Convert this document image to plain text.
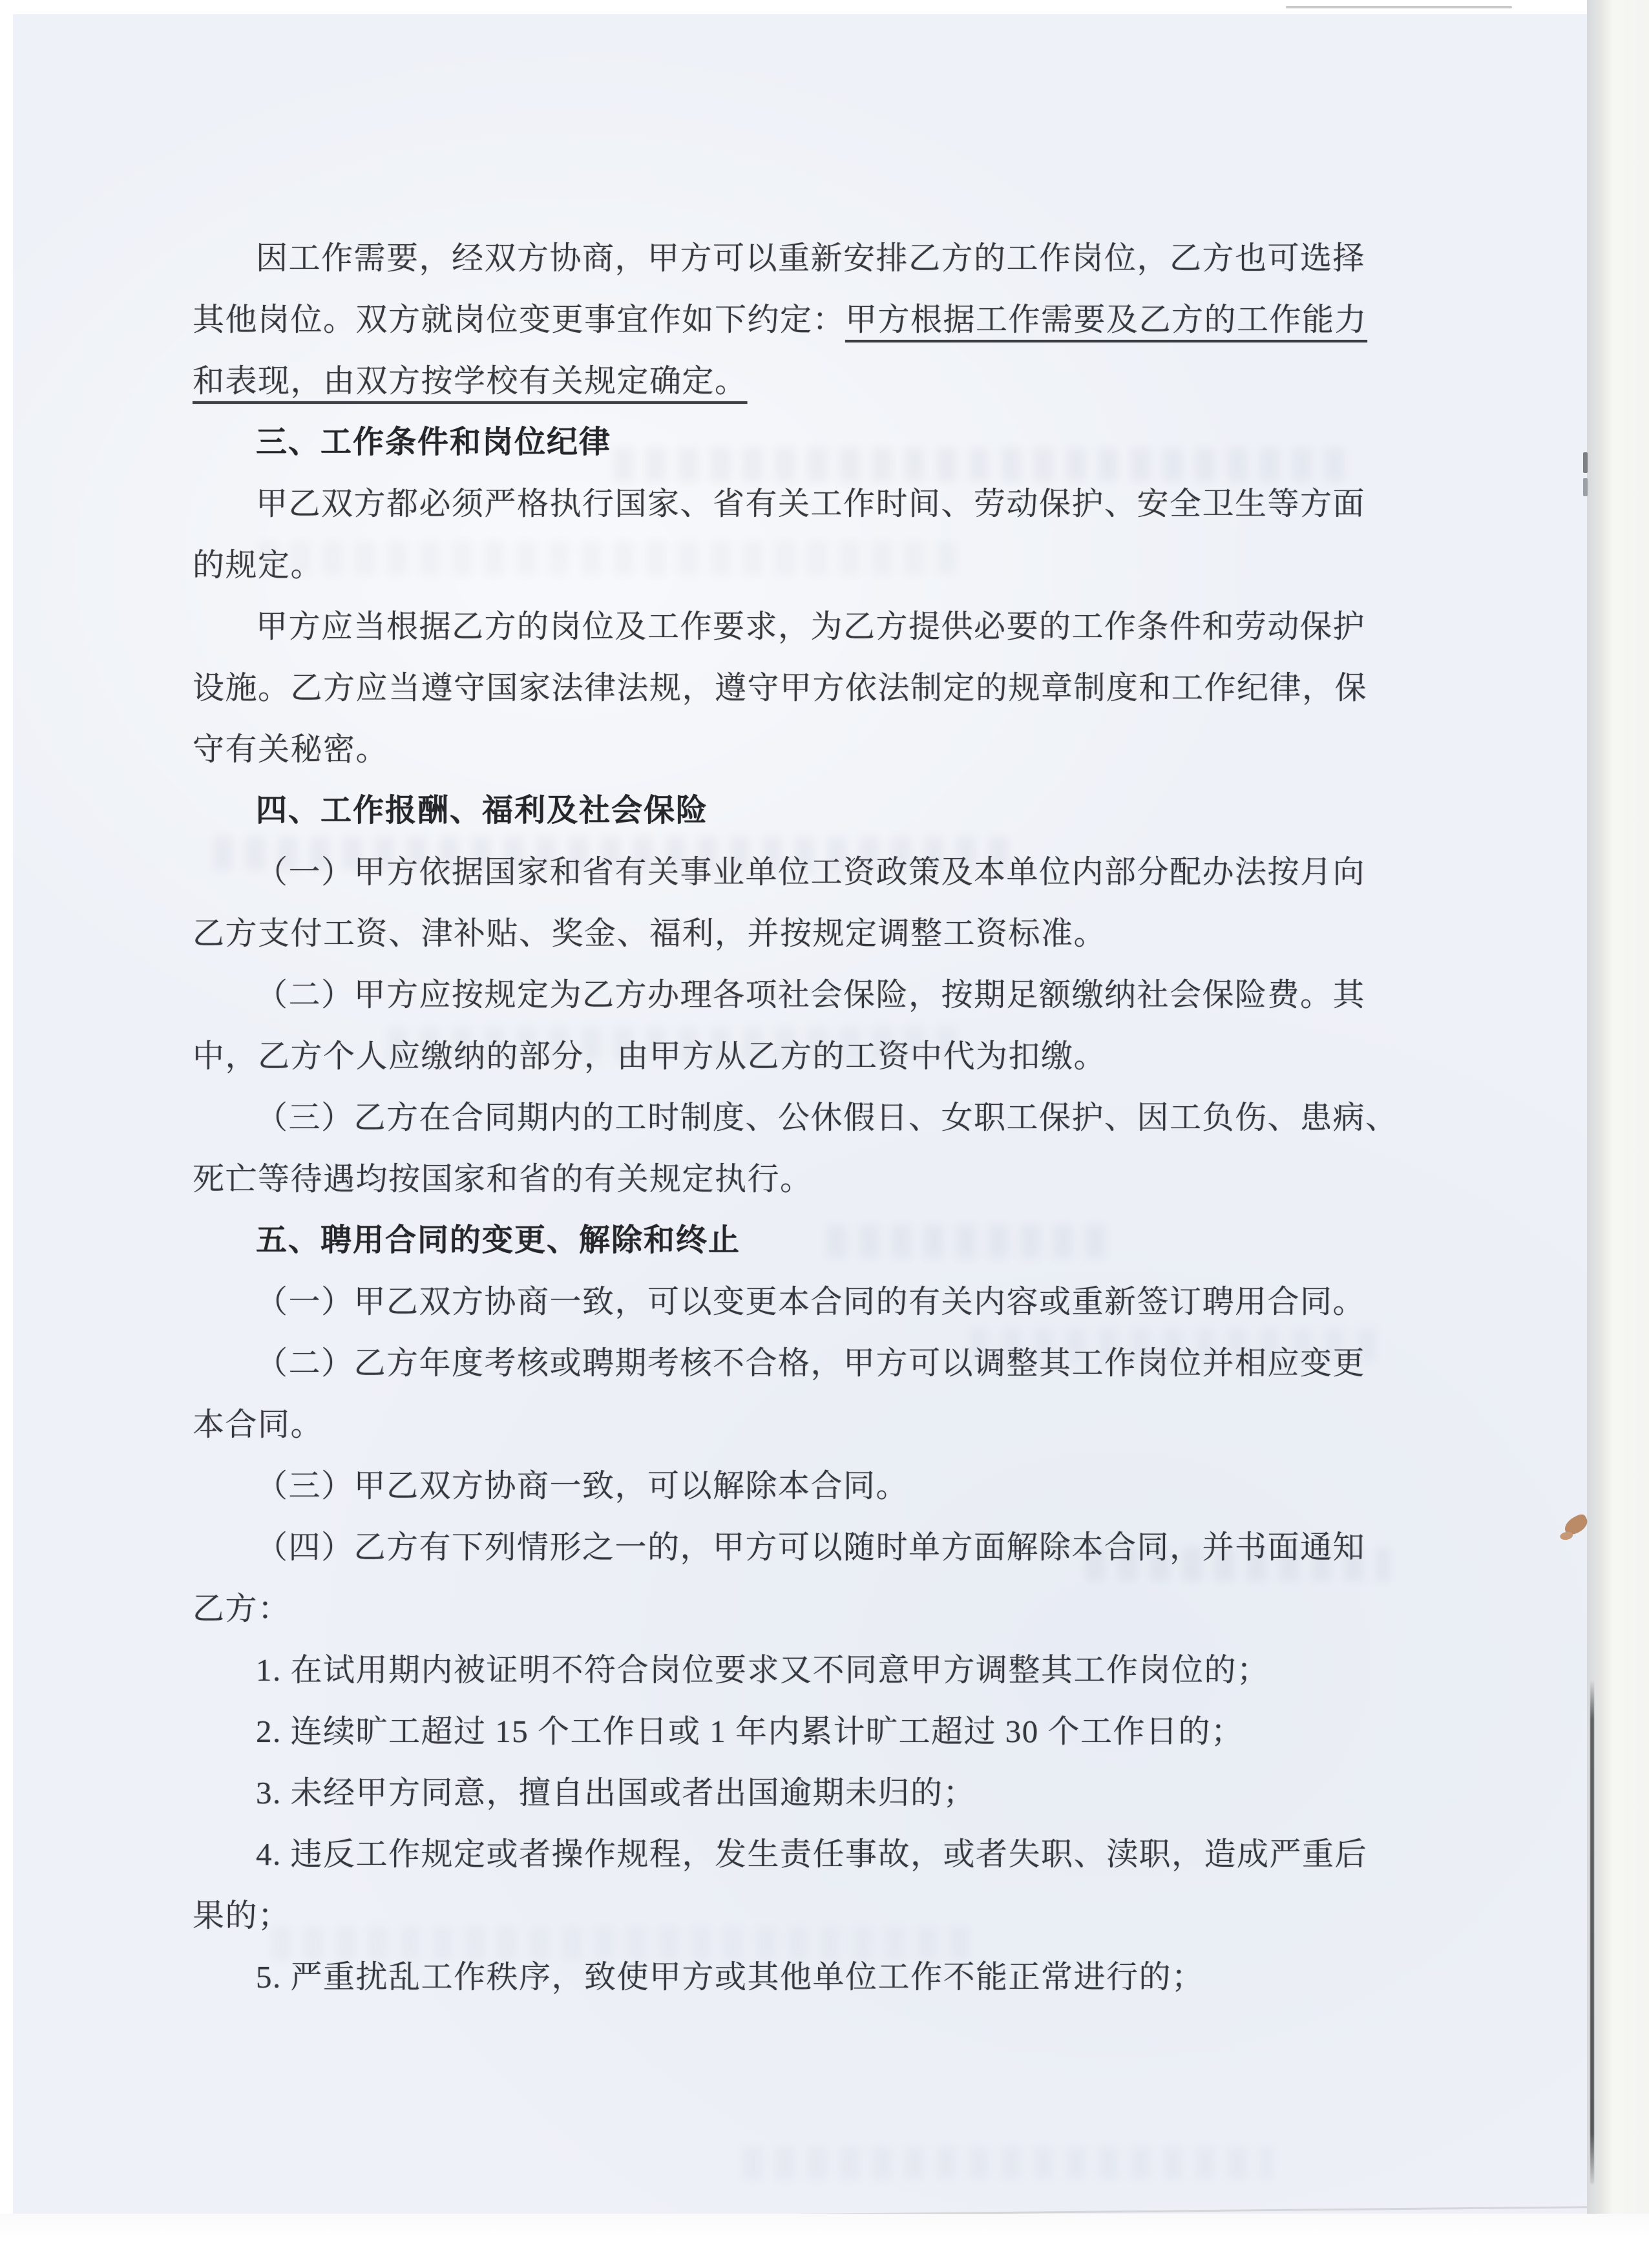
因工作需要，经双方协商，甲方可以重新安排乙方的工作岗位，乙方也可选择
其他岗位。双方就岗位变更事宜作如下约定：甲方根据工作需要及乙方的工作能力
和表现，由双方按学校有关规定确定。
三、工作条件和岗位纪律
甲乙双方都必须严格执行国家、省有关工作时间、劳动保护、安全卫生等方面
的规定。
甲方应当根据乙方的岗位及工作要求，为乙方提供必要的工作条件和劳动保护
设施。乙方应当遵守国家法律法规，遵守甲方依法制定的规章制度和工作纪律，保
守有关秘密。
四、工作报酬、福利及社会保险
（一）甲方依据国家和省有关事业单位工资政策及本单位内部分配办法按月向
乙方支付工资、津补贴、奖金、福利，并按规定调整工资标准。
（二）甲方应按规定为乙方办理各项社会保险，按期足额缴纳社会保险费。其
中，乙方个人应缴纳的部分，由甲方从乙方的工资中代为扣缴。
（三）乙方在合同期内的工时制度、公休假日、女职工保护、因工负伤、患病、
死亡等待遇均按国家和省的有关规定执行。
五、聘用合同的变更、解除和终止
（一）甲乙双方协商一致，可以变更本合同的有关内容或重新签订聘用合同。
（二）乙方年度考核或聘期考核不合格，甲方可以调整其工作岗位并相应变更
本合同。
（三）甲乙双方协商一致，可以解除本合同。
（四）乙方有下列情形之一的，甲方可以随时单方面解除本合同，并书面通知
乙方：
1. 在试用期内被证明不符合岗位要求又不同意甲方调整其工作岗位的；
2. 连续旷工超过 15 个工作日或 1 年内累计旷工超过 30 个工作日的；
3. 未经甲方同意，擅自出国或者出国逾期未归的；
4. 违反工作规定或者操作规程，发生责任事故，或者失职、渎职，造成严重后
果的；
5. 严重扰乱工作秩序，致使甲方或其他单位工作不能正常进行的；
